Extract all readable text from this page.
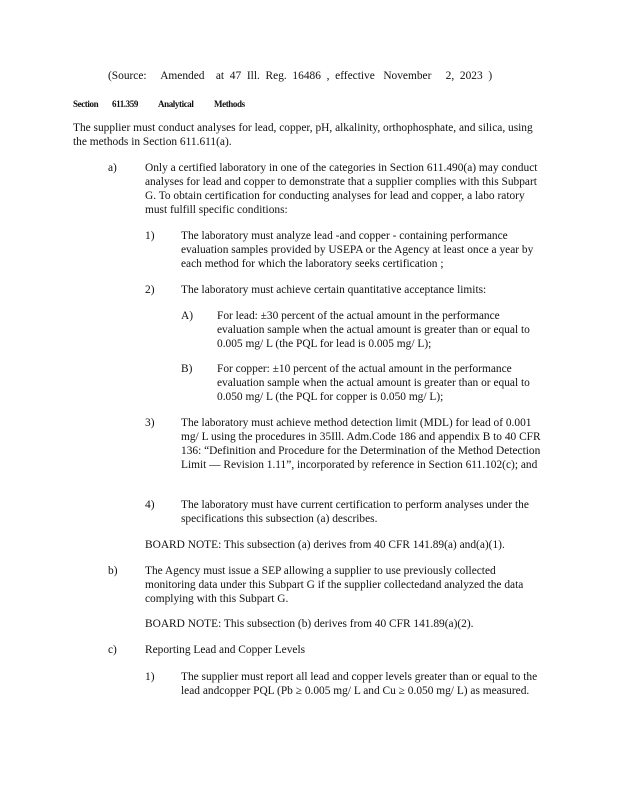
(Source:     Amended    at  47  Ill.  Reg.  16486  ,  effective   November     2,  2023  )
Section 611.359 Analytical Methods

The supplier must conduct analyses for lead, copper, pH, alkalinity, orthophosphate, and silica, using the methods in Section 611.611(a).

a) Only a certified laboratory in one of the categories in Section 611.490(a) may conduct analyses for lead and copper to demonstrate that a supplier complies with this Subpart G. To obtain certification for conducting analyses for lead and copper, a labo ratory must fulfill specific conditions:

1) The laboratory must analyze lead -and copper - containing performance evaluation samples provided by USEPA or the Agency at least once a year by each method for which the laboratory seeks certification ;

2) The laboratory must achieve certain quantitative acceptance limits:

A) For lead: ±30 percent of the actual amount in the performance evaluation sample when the actual amount is greater than or equal to 0.005 mg/ L (the PQL for lead is 0.005 mg/ L);

B) For copper: ±10 percent of the actual amount in the performance evaluation sample when the actual amount is greater than or equal to 0.050 mg/ L (the PQL for copper is 0.050 mg/ L);

3) The laboratory must achieve method detection limit (MDL) for lead of 0.001 mg/ L using the procedures in 35Ill. Adm.Code 186 and appendix B to 40 CFR 136: “Definition and Procedure for the Determination of the Method Detection Limit — Revision 1.11”, incorporated by reference in Section 611.102(c); and

4) The laboratory must have current certification to perform analyses under the specifications this subsection (a) describes.

BOARD NOTE: This subsection (a) derives from 40 CFR 141.89(a) and(a)(1).

b) The Agency must issue a SEP allowing a supplier to use previously collected monitoring data under this Subpart G if the supplier collectedand analyzed the data complying with this Subpart G.

BOARD NOTE: This subsection (b) derives from 40 CFR 141.89(a)(2).

c) Reporting Lead and Copper Levels

1) The supplier must report all lead and copper levels greater than or equal to the lead andcopper PQL (Pb ≥ 0.005 mg/ L and Cu ≥ 0.050 mg/ L) as measured.
